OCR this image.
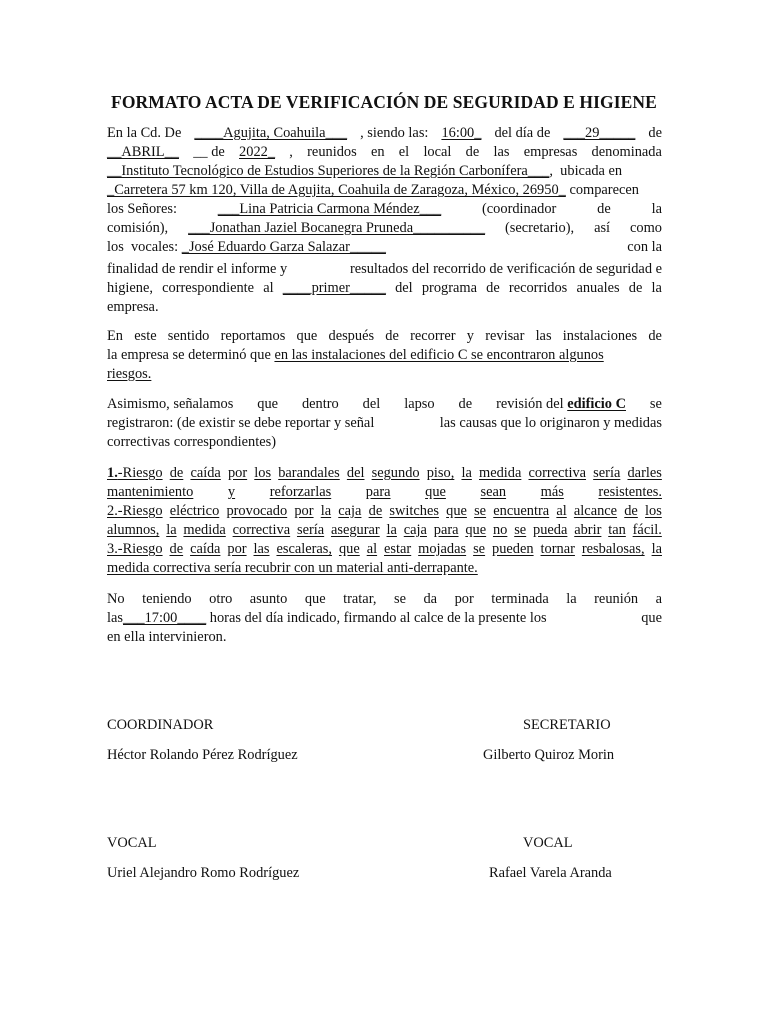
FORMATO ACTA DE VERIFICACIÓN DE SEGURIDAD E HIGIENE
En la Cd. De ____Agujita, Coahuila___ , siendo las: 16:00_ del día de ___29_____ de
__ABRIL__ __ de 2022_ , reunidos en el local de las empresas denominada
__Instituto Tecnológico de Estudios Superiores de la Región Carbonífera___, ubicada en
_Carretera 57 km 120, Villa de Agujita, Coahuila de Zaragoza, México, 26950_ comparecen
los Señores:	___Lina Patricia Carmona Méndez___	(coordinador	de	la
comisión), ___Jonathan Jaziel Bocanegra Pruneda__________ (secretario), así como
los  vocales: _José Eduardo Garza Salazar_____	con la
finalidad de rendir el informe y	resultados del recorrido de verificación de seguridad e
higiene, correspondiente al ____primer_____ del programa de recorridos anuales de la
empresa.
En este sentido reportamos que después de recorrer y revisar las instalaciones de
la empresa se determinó que en las instalaciones del edificio C se encontraron algunos
riesgos.
Asimismo, señalamos que dentro del lapso de revisión del edificio C se
registraron: (de existir se debe reportar y señal	las causas que lo originaron y medidas
correctivas correspondientes)
1.-Riesgo de caída por los barandales del segundo piso, la medida correctiva sería darles
mantenimiento y reforzarlas para que sean más resistentes.
2.-Riesgo eléctrico provocado por la caja de switches que se encuentra al alcance de los
alumnos, la medida correctiva sería asegurar la caja para que no se pueda abrir tan fácil.
3.-Riesgo de caída por las escaleras, que al estar mojadas se pueden tornar resbalosas, la
medida correctiva sería recubrir con un material anti-derrapante.
No teniendo otro asunto que tratar, se da por terminada la reunión a
las___17:00____ horas del día indicado, firmando al calce de la presente los	que
en ella intervinieron.
COORDINADOR
Héctor Rolando Pérez Rodríguez
SECRETARIO
Gilberto Quiroz Morin
VOCAL
Uriel Alejandro Romo Rodríguez
VOCAL
Rafael Varela Aranda
